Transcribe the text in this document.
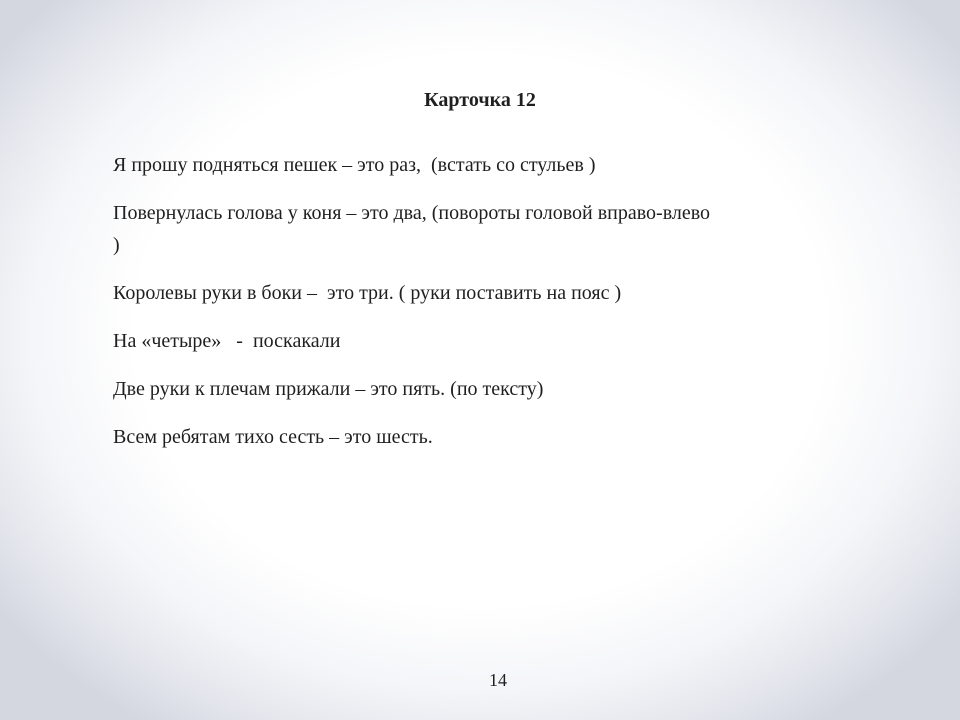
Карточка 12

Я прошу подняться пешек – это раз,  (встать со стульев )

Повернулась голова у коня – это два, (повороты головой вправо-влево )

Королевы руки в боки –  это три. ( руки поставить на пояс )

На «четыре»   -  поскакали

Две руки к плечам прижали – это пять. (по тексту)

Всем ребятам тихо сесть – это шесть.

14
